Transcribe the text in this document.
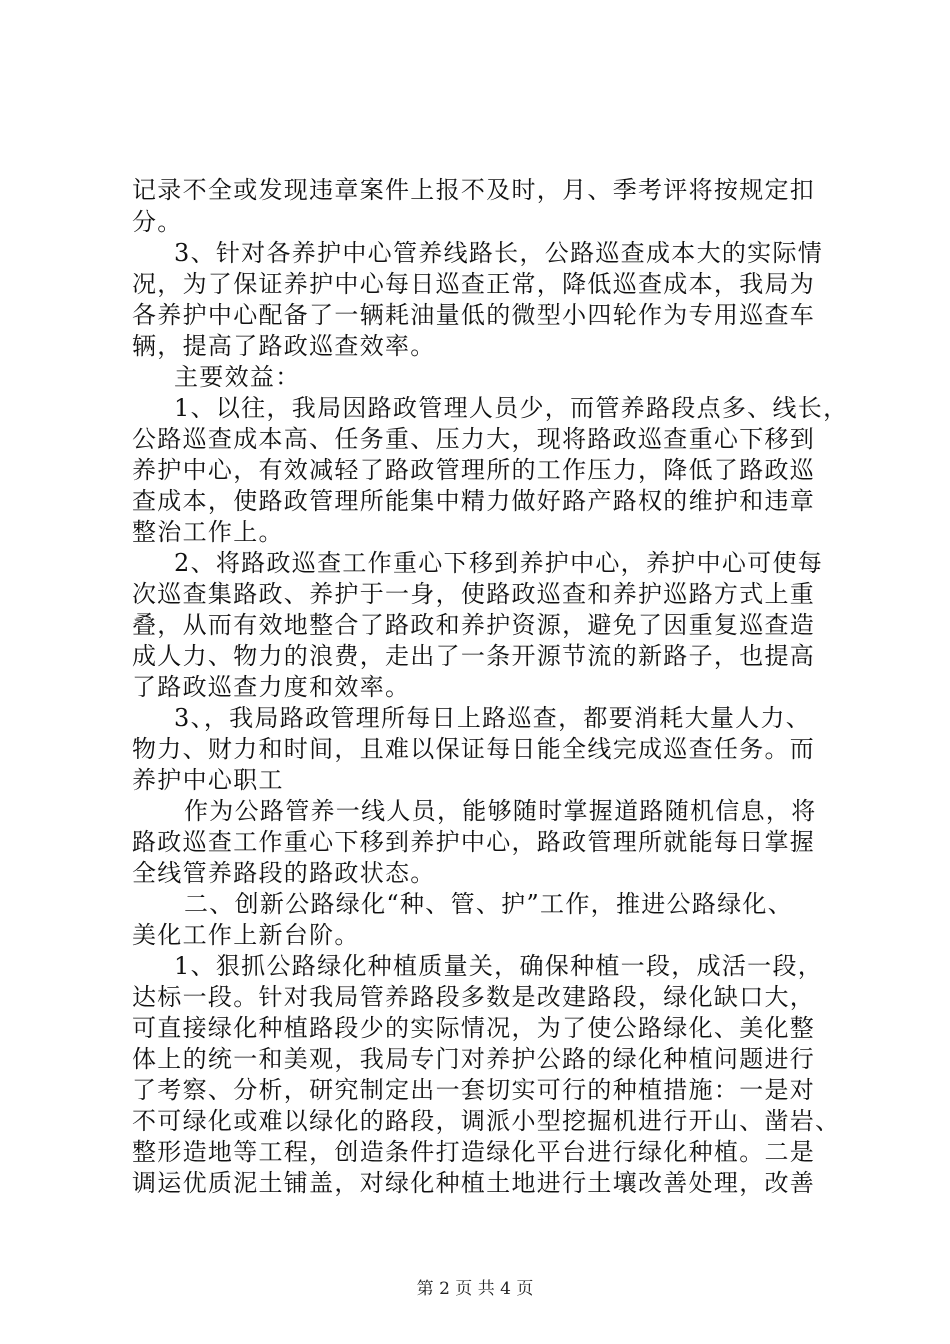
记录不全或发现违章案件上报不及时，月、季考评将按规定扣
分。
3、针对各养护中心管养线路长，公路巡查成本大的实际情
况，为了保证养护中心每日巡查正常，降低巡查成本，我局为
各养护中心配备了一辆耗油量低的微型小四轮作为专用巡查车
辆，提高了路政巡查效率。
主要效益：
1、以往，我局因路政管理人员少，而管养路段点多、线长，
公路巡查成本高、任务重、压力大，现将路政巡查重心下移到
养护中心，有效减轻了路政管理所的工作压力，降低了路政巡
查成本，使路政管理所能集中精力做好路产路权的维护和违章
整治工作上。
2、将路政巡查工作重心下移到养护中心，养护中心可使每
次巡查集路政、养护于一身，使路政巡查和养护巡路方式上重
叠，从而有效地整合了路政和养护资源，避免了因重复巡查造
成人力、物力的浪费，走出了一条开源节流的新路子，也提高
了路政巡查力度和效率。
3、，我局路政管理所每日上路巡查，都要消耗大量人力、
物力、财力和时间，且难以保证每日能全线完成巡查任务。而
养护中心职工
作为公路管养一线人员，能够随时掌握道路随机信息，将
路政巡查工作重心下移到养护中心，路政管理所就能每日掌握
全线管养路段的路政状态。
二、创新公路绿化“种、管、护”工作，推进公路绿化、
美化工作上新台阶。
1、狠抓公路绿化种植质量关，确保种植一段，成活一段，
达标一段。针对我局管养路段多数是改建路段，绿化缺口大，
可直接绿化种植路段少的实际情况，为了使公路绿化、美化整
体上的统一和美观，我局专门对养护公路的绿化种植问题进行
了考察、分析，研究制定出一套切实可行的种植措施：一是对
不可绿化或难以绿化的路段，调派小型挖掘机进行开山、凿岩、
整形造地等工程，创造条件打造绿化平台进行绿化种植。二是
调运优质泥土铺盖，对绿化种植土地进行土壤改善处理，改善
第 2 页 共 4 页
